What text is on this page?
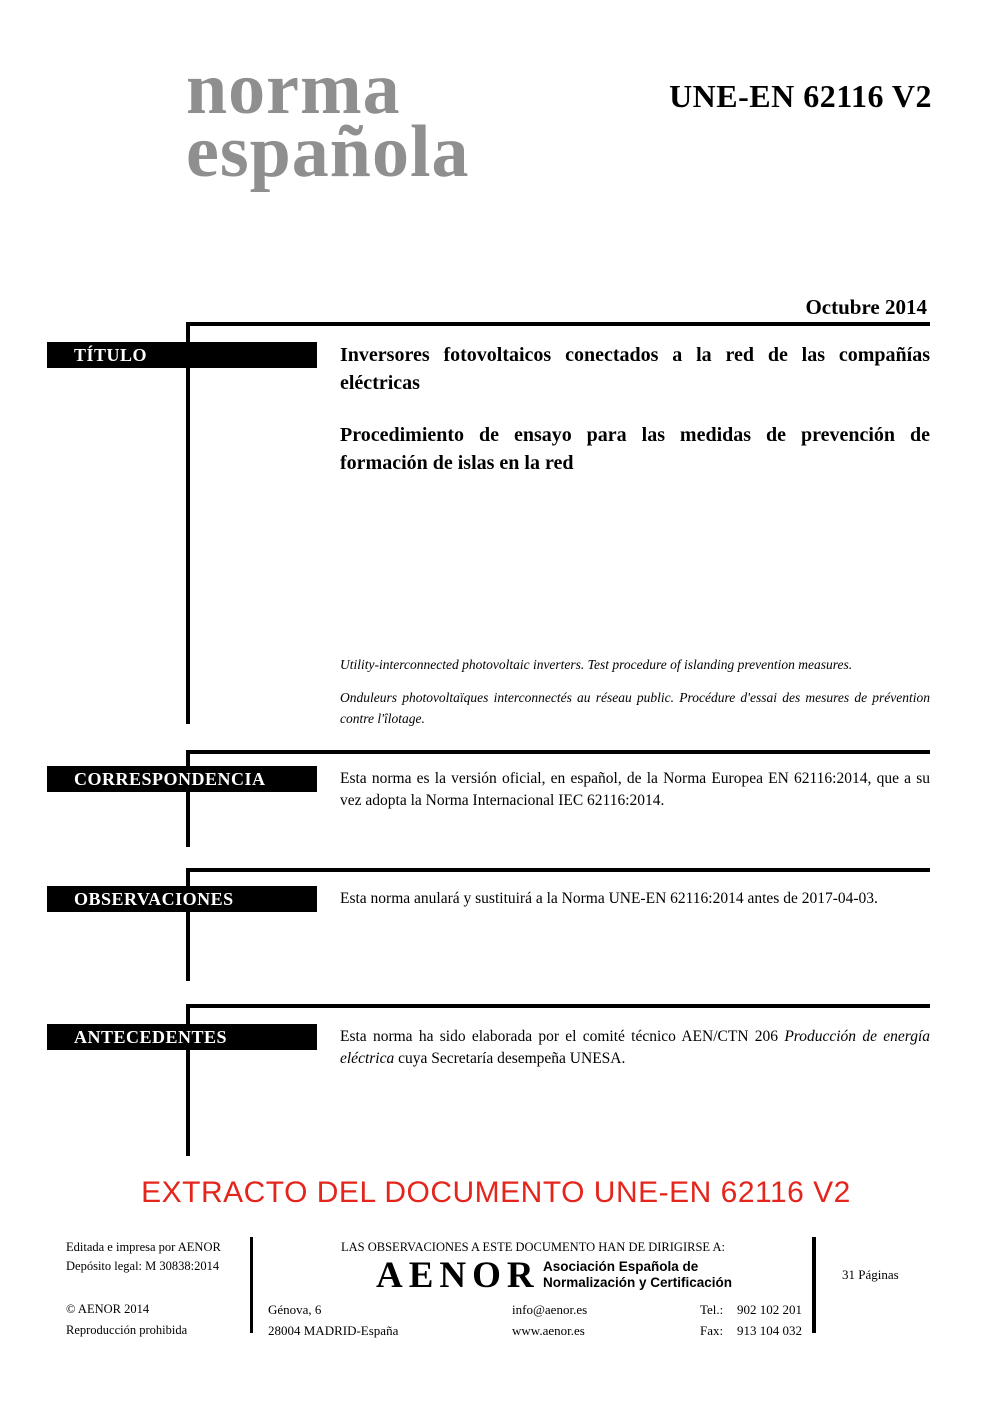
norma
española
UNE-EN 62116 V2
Octubre 2014
TÍTULO
CORRESPONDENCIA
OBSERVACIONES
ANTECEDENTES
Inversores fotovoltaicos conectados a la red de las compañías eléctricas
Procedimiento de ensayo para las medidas de prevención de formación de islas en la red
Utility-interconnected photovoltaic inverters. Test procedure of islanding prevention measures.
Onduleurs photovoltaïques interconnectés au réseau public. Procédure d'essai des mesures de prévention contre l'îlotage.
Esta norma es la versión oficial, en español, de la Norma Europea EN 62116:2014, que a su vez adopta la Norma Internacional IEC 62116:2014.
Esta norma anulará y sustituirá a la Norma UNE-EN 62116:2014 antes de 2017-04-03.
Esta norma ha sido elaborada por el comité técnico AEN/CTN 206 Producción de energía eléctrica cuya Secretaría desempeña UNESA.
EXTRACTO DEL DOCUMENTO UNE-EN 62116 V2
Editada e impresa por AENOR
Depósito legal: M 30838:2014
© AENOR 2014
Reproducción prohibida
LAS OBSERVACIONES A ESTE DOCUMENTO HAN DE DIRIGIRSE A:
AENOR Asociación Española de
Normalización y Certificación
31 Páginas
Génova, 6
28004 MADRID-España
info@aenor.es
www.aenor.es
Tel.: 902 102 201
Fax: 913 104 032
